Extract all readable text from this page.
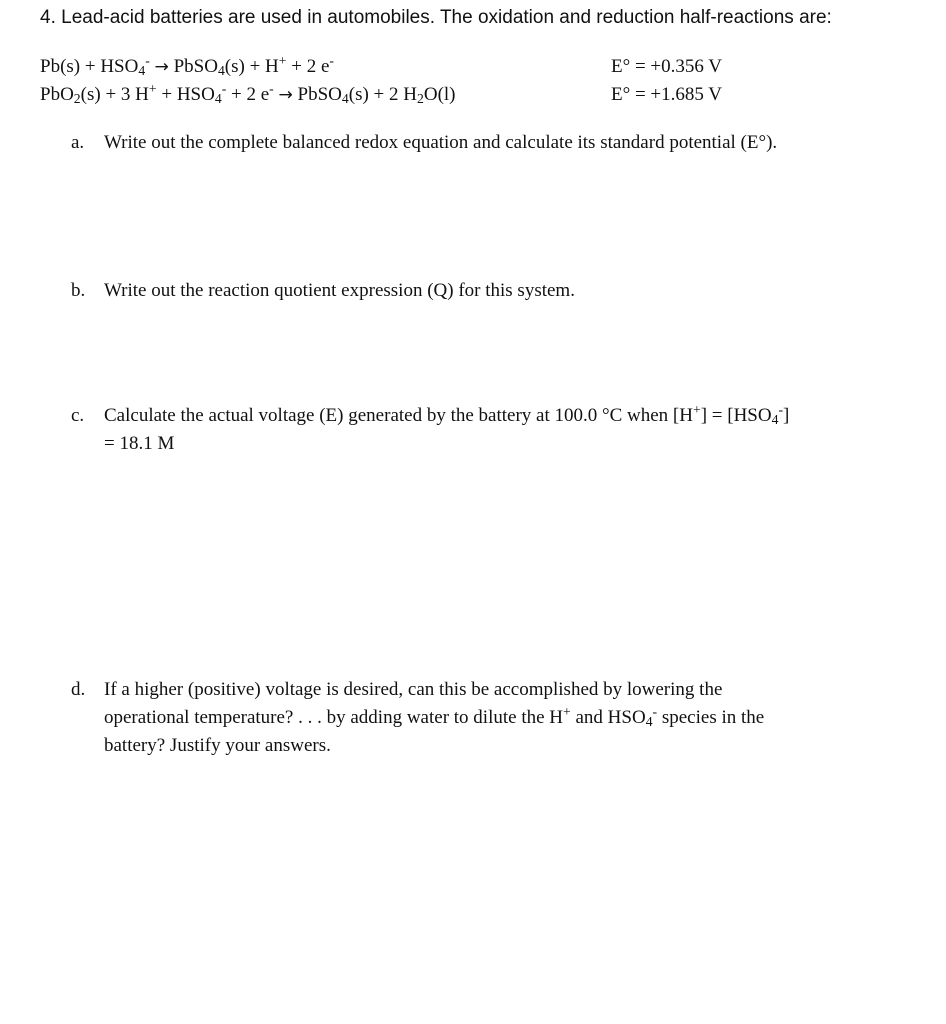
4. Lead-acid batteries are used in automobiles. The oxidation and reduction half-reactions are:
$Pb(s) + HSO_4^-$ → PbSO$_4$(s) + H+ + 2 e-	E° = +0.356 V
PbO$_2$(s) + 3 $H^+ + HSO_4^- + 2$ e- → PbSO$_4$(s) + 2 $H_2O(l)$	E° = +1.685 V
a. Write out the complete balanced redox equation and calculate its standard potential (E°).
b. Write out the reaction quotient expression (Q) for this system.
c. Calculate the actual voltage (E) generated by the battery at 100.0 °C when $[H^+] = [HSO_4^-]$
= 18.1 M
d. If a higher (positive) voltage is desired, can this be accomplished by lowering the
operational temperature? . . . by adding water to dilute the H+ and $HSO_4^-$ species in the
battery? Justify your answers.
